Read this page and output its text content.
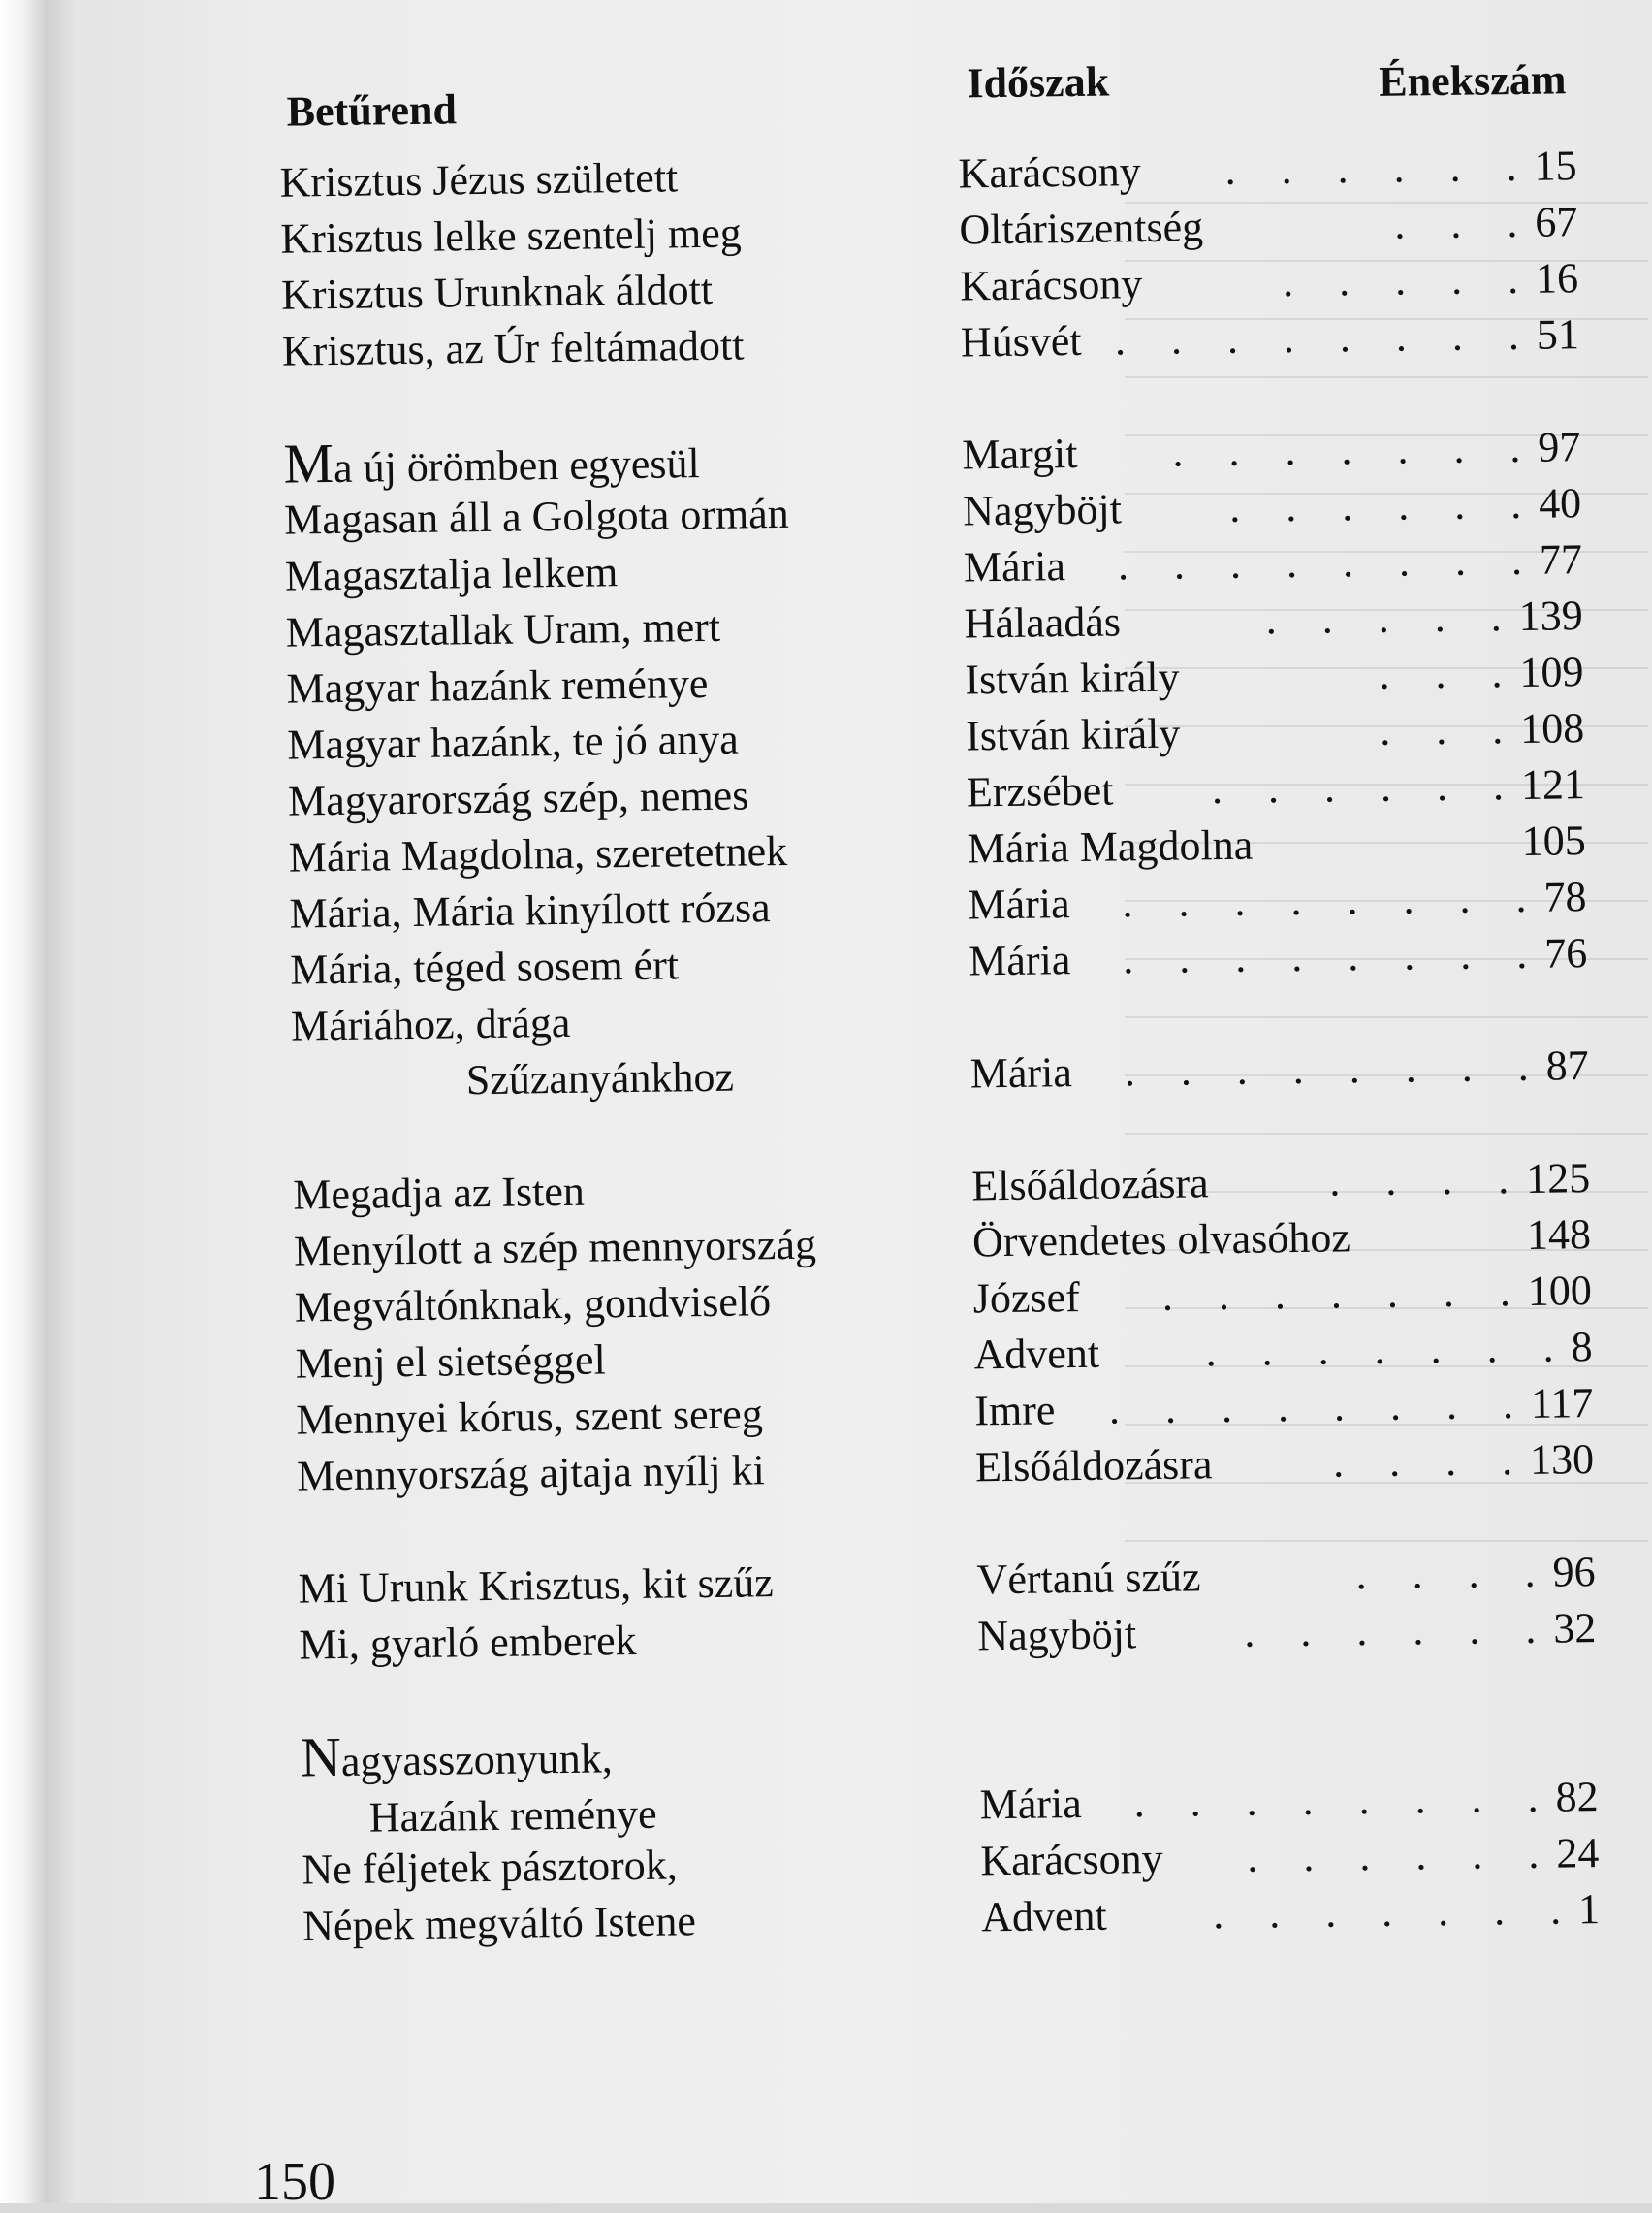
Betűrend
Időszak	Énekszám
Krisztus Jézus született	Karácsony	. . . . . . 15
Krisztus lelke szentelj meg	Oltáriszentség	. . . 67
Krisztus Urunknak áldott	Karácsony	. . . . . 16
Krisztus, az Úr feltámadott	Húsvét . . . . . . . . 51
Ma új örömben egyesül	Margit	. . . . . . . 97
Magasan áll a Golgota ormán	Nagyböjt	. . . . . . 40
Magasztalja lelkem	Mária	. . . . . . . . 77
Magasztallak Uram, mert	Hálaadás	. . . . . 139
Magyar hazánk reménye	István király	. . . 109
Magyar hazánk, te jó anya	István király	. . . 108
Magyarország szép, nemes	Erzsébet	. . . . . . 121
Mária Magdolna, szeretetnek	Mária Magdolna	105
Mária, Mária kinyílott rózsa	Mária	. . . . . . . . 78
Mária, téged sosem ért	Mária	. . . . . . . . 76
Máriához, drága
Szűzanyánkhoz	Mária	. . . . . . . . 87
Megadja az Isten	Elsőáldozásra	. . . . 125
Menyílott a szép mennyország	Örvendetes olvasóhoz	148
Megváltónknak, gondviselő	József	. . . . . . . 100
Menj el sietséggel	Advent	. . . . . . . 8
Mennyei kórus, szent sereg	Imre	. . . . . . . . 117
Mennyország ajtaja nyílj ki	Elsőáldozásra	. . . . 130
Mi Urunk Krisztus, kit szűz	Vértanú szűz	. . . . 96
Mi, gyarló emberek	Nagyböjt	. . . . . . 32
Nagyasszonyunk,
Hazánk reménye	Mária	. . . . . . . . 82
Ne féljetek pásztorok,	Karácsony	. . . . . . 24
Népek megváltó Istene	Advent	. . . . . . . 1
150
